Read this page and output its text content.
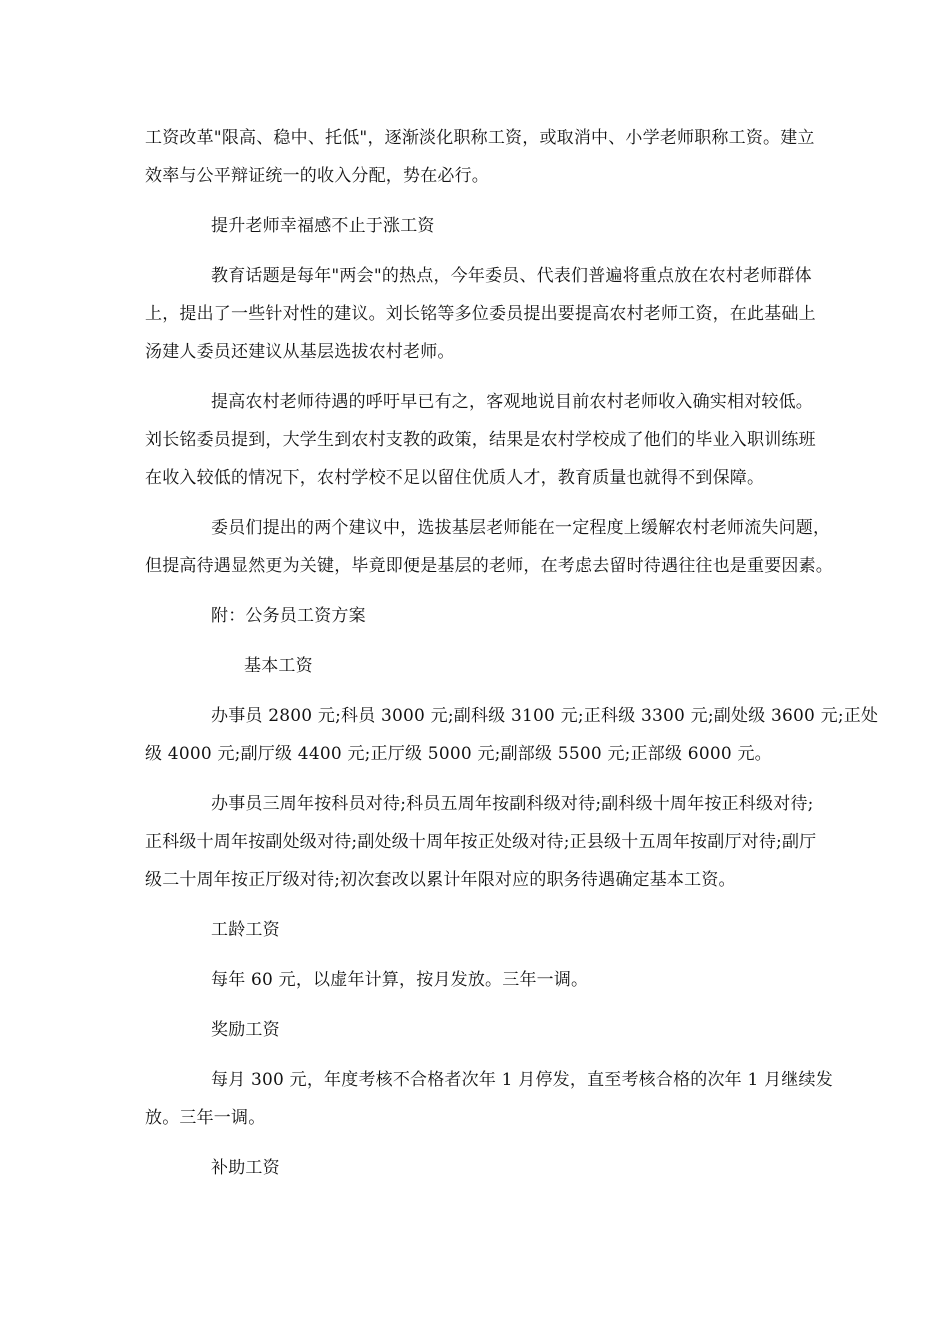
工资改革"限高、稳中、托低"，逐渐淡化职称工资，或取消中、小学老师职称工资。建立
效率与公平辩证统一的收入分配，势在必行。
提升老师幸福感不止于涨工资
教育话题是每年"两会"的热点，今年委员、代表们普遍将重点放在农村老师群体
上，提出了一些针对性的建议。刘长铭等多位委员提出要提高农村老师工资，在此基础上
汤建人委员还建议从基层选拔农村老师。
提高农村老师待遇的呼吁早已有之，客观地说目前农村老师收入确实相对较低。
刘长铭委员提到，大学生到农村支教的政策，结果是农村学校成了他们的毕业入职训练班
在收入较低的情况下，农村学校不足以留住优质人才，教育质量也就得不到保障。
委员们提出的两个建议中，选拔基层老师能在一定程度上缓解农村老师流失问题，
但提高待遇显然更为关键，毕竟即便是基层的老师，在考虑去留时待遇往往也是重要因素。
附：公务员工资方案
基本工资
办事员 2800 元;科员 3000 元;副科级 3100 元;正科级 3300 元;副处级 3600 元;正处
级 4000 元;副厅级 4400 元;正厅级 5000 元;副部级 5500 元;正部级 6000 元。
办事员三周年按科员对待;科员五周年按副科级对待;副科级十周年按正科级对待;
正科级十周年按副处级对待;副处级十周年按正处级对待;正县级十五周年按副厅对待;副厅
级二十周年按正厅级对待;初次套改以累计年限对应的职务待遇确定基本工资。
工龄工资
每年 60 元，以虚年计算，按月发放。三年一调。
奖励工资
每月 300 元，年度考核不合格者次年 1 月停发，直至考核合格的次年 1 月继续发
放。三年一调。
补助工资
